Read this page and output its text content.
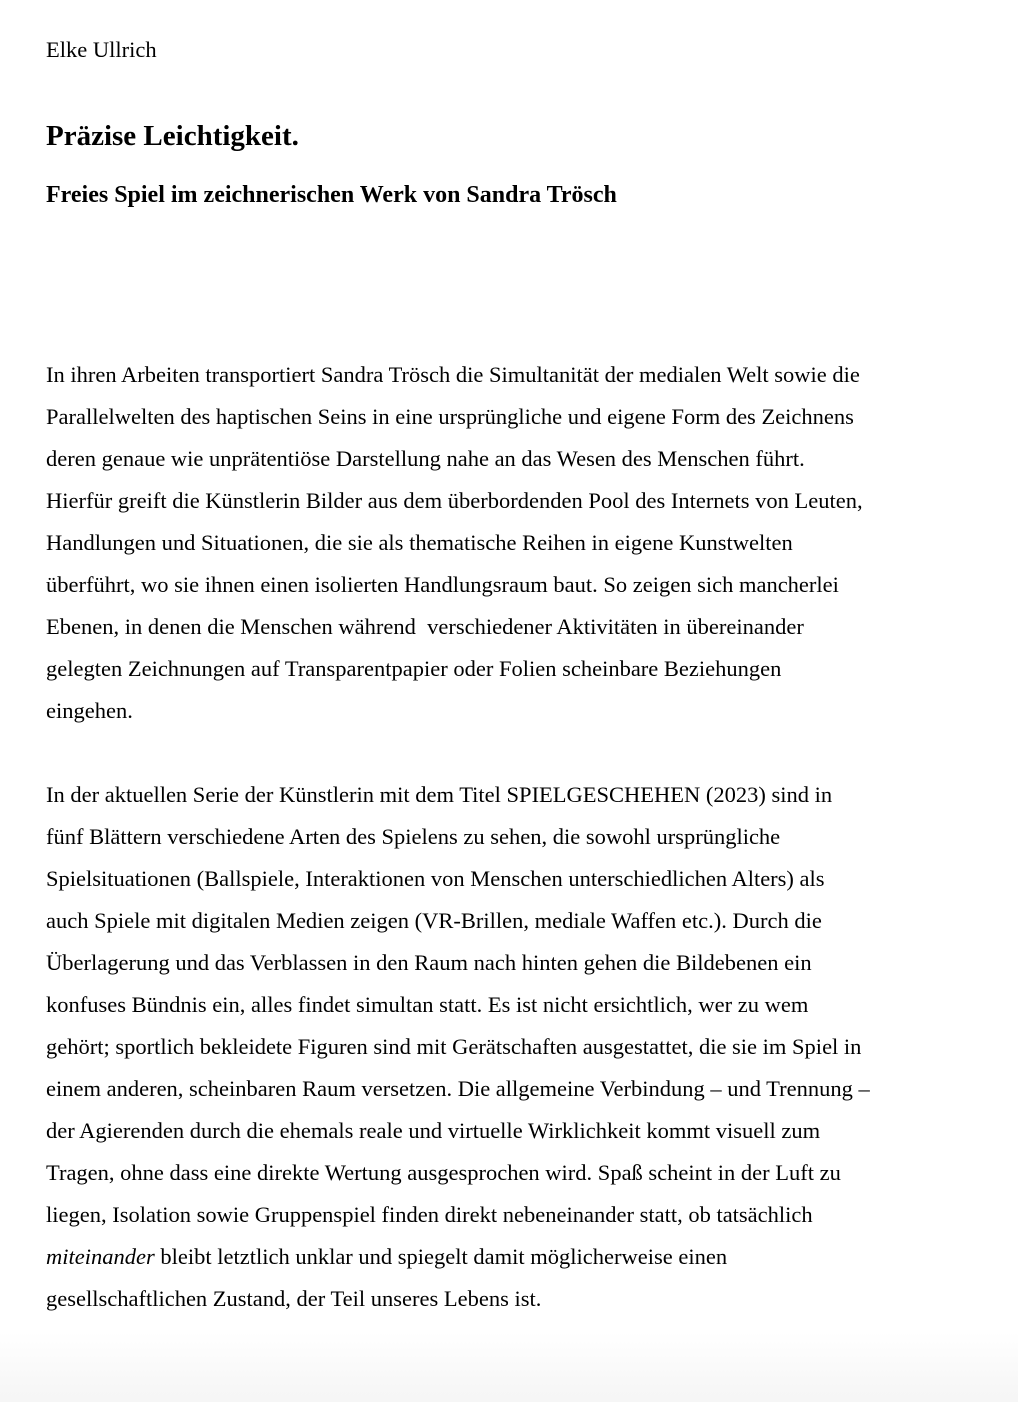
Elke Ullrich
Präzise Leichtigkeit.
Freies Spiel im zeichnerischen Werk von Sandra Trösch
In ihren Arbeiten transportiert Sandra Trösch die Simultanität der medialen Welt sowie die
Parallelwelten des haptischen Seins in eine ursprüngliche und eigene Form des Zeichnens
deren genaue wie unprätentiöse Darstellung nahe an das Wesen des Menschen führt.
Hierfür greift die Künstlerin Bilder aus dem überbordenden Pool des Internets von Leuten,
Handlungen und Situationen, die sie als thematische Reihen in eigene Kunstwelten
überführt, wo sie ihnen einen isolierten Handlungsraum baut. So zeigen sich mancherlei
Ebenen, in denen die Menschen während  verschiedener Aktivitäten in übereinander
gelegten Zeichnungen auf Transparentpapier oder Folien scheinbare Beziehungen
eingehen.
In der aktuellen Serie der Künstlerin mit dem Titel SPIELGESCHEHEN (2023) sind in
fünf Blättern verschiedene Arten des Spielens zu sehen, die sowohl ursprüngliche
Spielsituationen (Ballspiele, Interaktionen von Menschen unterschiedlichen Alters) als
auch Spiele mit digitalen Medien zeigen (VR-Brillen, mediale Waffen etc.). Durch die
Überlagerung und das Verblassen in den Raum nach hinten gehen die Bildebenen ein
konfuses Bündnis ein, alles findet simultan statt. Es ist nicht ersichtlich, wer zu wem
gehört; sportlich bekleidete Figuren sind mit Gerätschaften ausgestattet, die sie im Spiel in
einem anderen, scheinbaren Raum versetzen. Die allgemeine Verbindung – und Trennung –
der Agierenden durch die ehemals reale und virtuelle Wirklichkeit kommt visuell zum
Tragen, ohne dass eine direkte Wertung ausgesprochen wird. Spaß scheint in der Luft zu
liegen, Isolation sowie Gruppenspiel finden direkt nebeneinander statt, ob tatsächlich
miteinander bleibt letztlich unklar und spiegelt damit möglicherweise einen
gesellschaftlichen Zustand, der Teil unseres Lebens ist.
